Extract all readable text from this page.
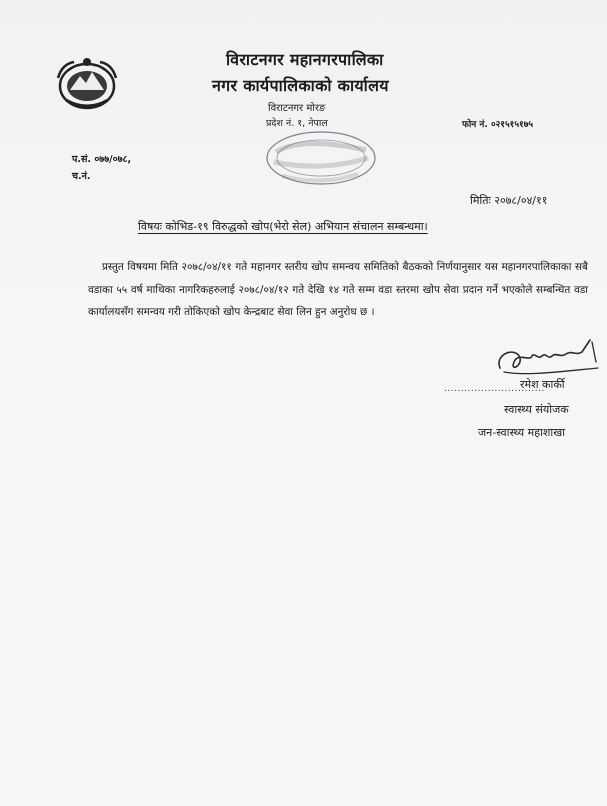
विराटनगर महानगरपालिका
नगर कार्यपालिकाको कार्यालय
विराटनगर मोरङ
फोन नं. ०२१५१५१७५
प्रदेश नं. १, नेपाल
प.सं. ०७७/०७८,
च.नं.
मितिः २०७८/०४/११
विषयः कोभिड-१९ विरुद्धको खोप(भेरो सेल) अभियान संचालन सम्बन्धमा।
प्रस्तुत विषयमा मिति २०७८/०४/११ गते महानगर स्तरीय खोप समन्वय समितिको बैठकको निर्णयानुसार यस महानगरपालिकाका सबै वडाका ५५ वर्ष माथिका नागरिकहरुलाई २०७८/०४/१२ गते देखि १४ गते सम्म वडा स्तरमा खोप सेवा प्रदान गर्ने भएकोले सम्बन्धित वडा कार्यालयसँग समन्वय गरी तोकिएको खोप केन्द्रबाट सेवा लिन हुन अनुरोध छ ।
..............................
रमेश कार्की
स्वास्थ्य संयोजक
जन-स्वास्थ्य महाशाखा
